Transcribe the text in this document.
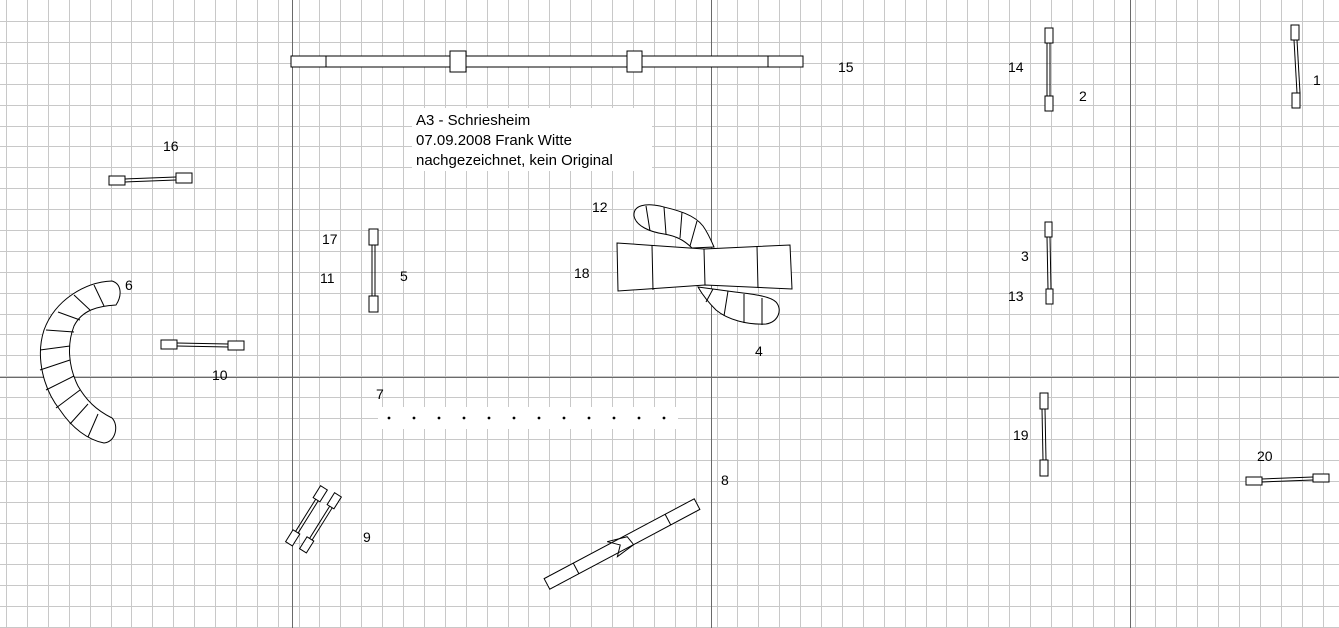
A3 - Schriesheim
07.09.2008 Frank Witte
nachgezeichnet, kein Original
1
2
14
15
16
12
17
11	5	18
3
13
6
4
10
7
19
20
8
9
